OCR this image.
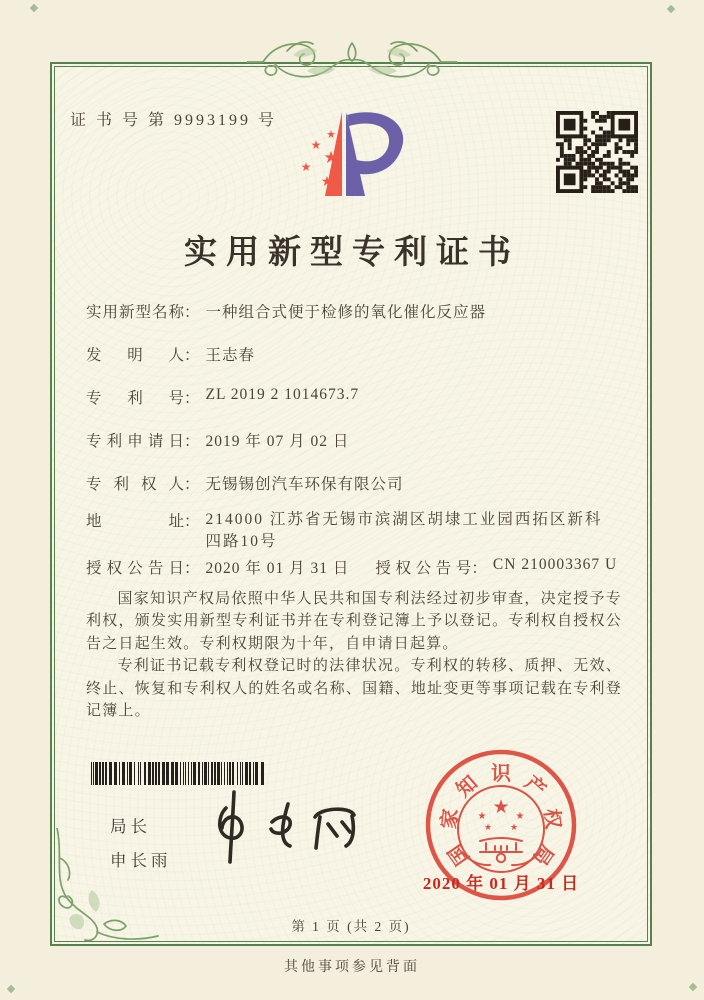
证 书 号 第 9993199 号
★
★
★
★
★
实用新型专利证书
实用新型名称： 一种组合式便于检修的氧化催化反应器
发明人： 王志春
专利号： ZL 2019 2 1014673.7
专利申请日： 2019 年 07 月 02 日
专利权人： 无锡锡创汽车环保有限公司
地址： 214000 江苏省无锡市滨湖区胡埭工业园西拓区新科四路10号
授权公告日： 2020 年 01 月 31 日 授权公告号： CN 210003367 U

国家知识产权局依照中华人民共和国专利法经过初步审查，决定授予专利权，颁发实用新型专利证书并在专利登记簿上予以登记。专利权自授权公告之日起生效。专利权期限为十年，自申请日起算。

专利证书记载专利权登记时的法律状况。专利权的转移、质押、无效、终止、恢复和专利权人的姓名或名称、国籍、地址变更等事项记载在专利登记簿上。

局长
申长雨	国
家
知 识 产
权
局
★
★	★
★ ★
2020 年 01 月 31 日
第 1 页 (共 2 页)
其他事项参见背面
